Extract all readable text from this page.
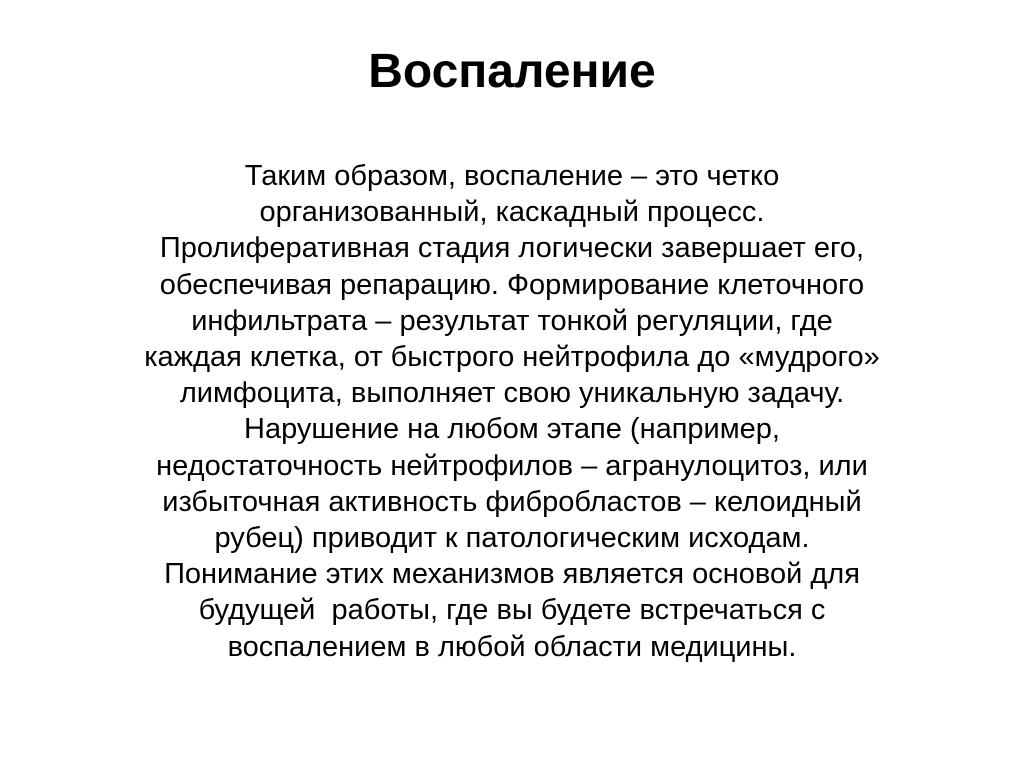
Воспаление
Таким образом, воспаление – это четко
организованный, каскадный процесс.
Пролиферативная стадия логически завершает его,
обеспечивая репарацию. Формирование клеточного
инфильтрата – результат тонкой регуляции, где
каждая клетка, от быстрого нейтрофила до «мудрого»
лимфоцита, выполняет свою уникальную задачу.
Нарушение на любом этапе (например,
недостаточность нейтрофилов – агранулоцитоз, или
избыточная активность фибробластов – келоидный
рубец) приводит к патологическим исходам.
Понимание этих механизмов является основой для
будущей  работы, где вы будете встречаться с
воспалением в любой области медицины.
